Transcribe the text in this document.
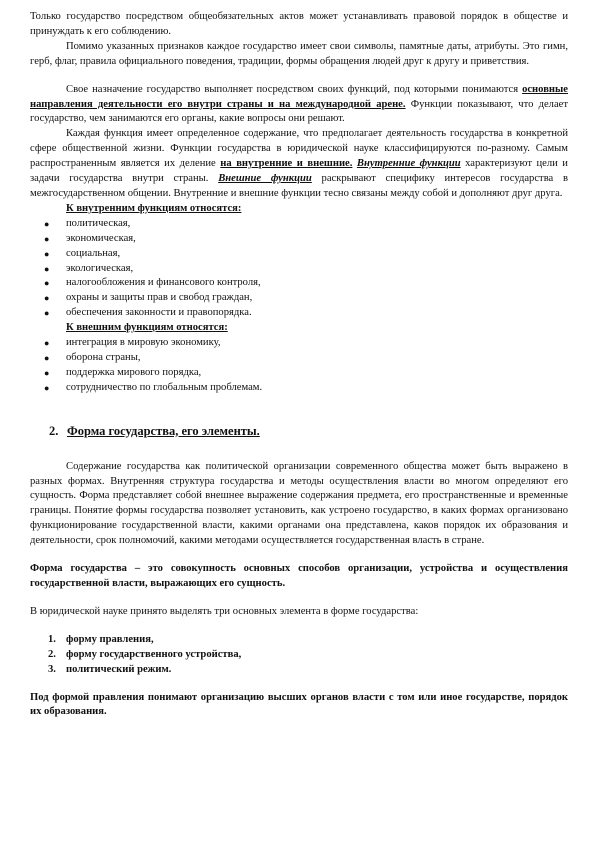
Только государство посредством общеобязательных актов может устанавливать правовой порядок в обществе и принуждать к его соблюдению.

Помимо указанных признаков каждое государство имеет свои символы, памятные даты, атрибуты. Это гимн, герб, флаг, правила официального поведения, традиции, формы обращения людей друг к другу и приветствия.

Свое назначение государство выполняет посредством своих функций, под которыми понимаются основные направления деятельности его внутри страны и на международной арене. Функции показывают, что делает государство, чем занимаются его органы, какие вопросы они решают.

Каждая функция имеет определенное содержание, что предполагает деятельность государства в конкретной сфере общественной жизни. Функции государства в юридической науке классифицируются по-разному. Самым распространенным является их деление на внутренние и внешние. Внутренние функции характеризуют цели и задачи государства внутри страны. Внешние функции раскрывают специфику интересов государства в межгосударственном общении. Внутренние и внешние функции тесно связаны между собой и дополняют друг друга.

К внутренним функциям относятся:
● политическая,
● экономическая,
● социальная,
● экологическая,
● налогообложения и финансового контроля,
● охраны и защиты прав и свобод граждан,
● обеспечения законности и правопорядка.
К внешним функциям относятся:
● интеграция в мировую экономику,
● оборона страны,
● поддержка мирового порядка,
● сотрудничество по глобальным проблемам.
2. Форма государства, его элементы.

Содержание государства как политической организации современного общества может быть выражено в разных формах. Внутренняя структура государства и методы осуществления власти во многом определяют его сущность. Форма представляет собой внешнее выражение содержания предмета, его пространственные и временные границы. Понятие формы государства позволяет установить, как устроено государство, в каких формах организовано функционирование государственной власти, какими органами она представлена, каков порядок их образования и деятельности, срок полномочий, какими методами осуществляется государственная власть в стране.

Форма государства – это совокупность основных способов организации, устройства и осуществления государственной власти, выражающих его сущность.

В юридической науке принято выделять три основных элемента в форме государства:

1. форму правления,
2. форму государственного устройства,
3. политический режим.

Под формой правления понимают организацию высших органов власти с том или иное государстве, порядок их образования.
